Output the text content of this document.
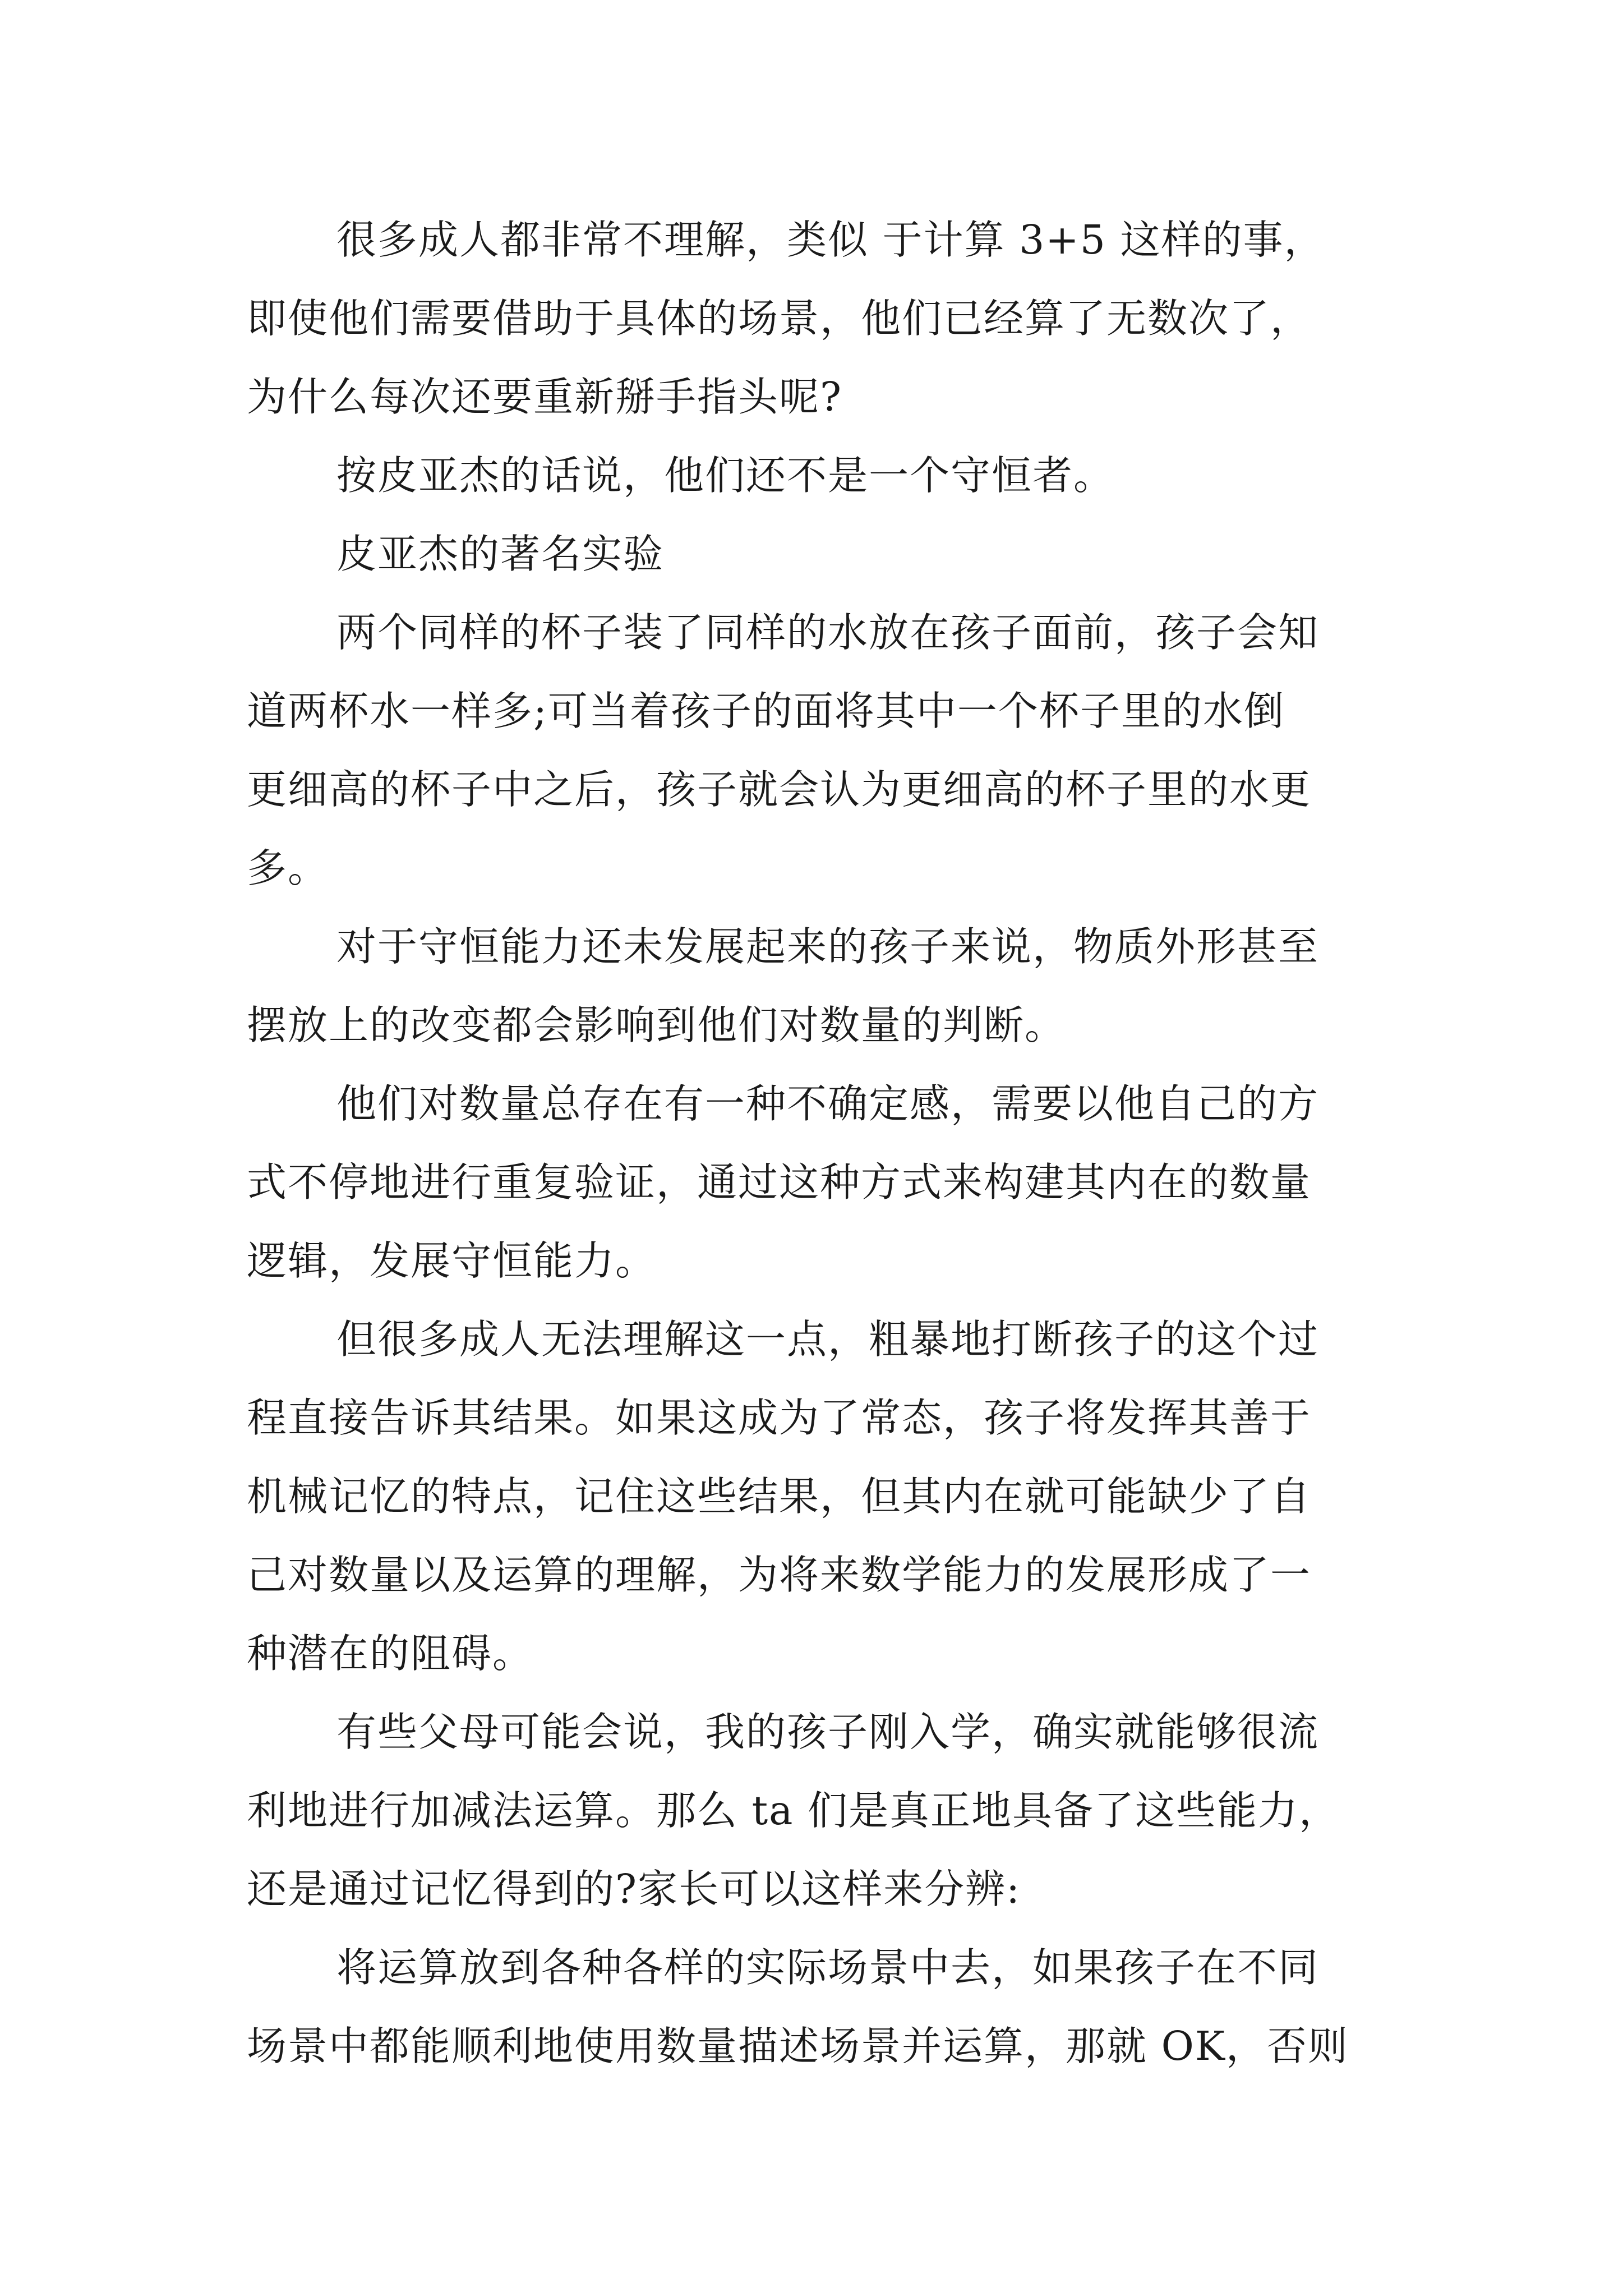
很多成人都非常不理解，类似 于计算 3+5 这样的事，
即使他们需要借助于具体的场景，他们已经算了无数次了，
为什么每次还要重新掰手指头呢?
按皮亚杰的话说，他们还不是一个守恒者。
皮亚杰的著名实验
两个同样的杯子装了同样的水放在孩子面前，孩子会知
道两杯水一样多;可当着孩子的面将其中一个杯子里的水倒
更细高的杯子中之后，孩子就会认为更细高的杯子里的水更
多。
对于守恒能力还未发展起来的孩子来说，物质外形甚至
摆放上的改变都会影响到他们对数量的判断。
他们对数量总存在有一种不确定感，需要以他自己的方
式不停地进行重复验证，通过这种方式来构建其内在的数量
逻辑，发展守恒能力。
但很多成人无法理解这一点，粗暴地打断孩子的这个过
程直接告诉其结果。如果这成为了常态，孩子将发挥其善于
机械记忆的特点，记住这些结果，但其内在就可能缺少了自
己对数量以及运算的理解，为将来数学能力的发展形成了一
种潜在的阻碍。
有些父母可能会说，我的孩子刚入学，确实就能够很流
利地进行加减法运算。那么 ta 们是真正地具备了这些能力，
还是通过记忆得到的?家长可以这样来分辨:
将运算放到各种各样的实际场景中去，如果孩子在不同
场景中都能顺利地使用数量描述场景并运算，那就 OK，否则
